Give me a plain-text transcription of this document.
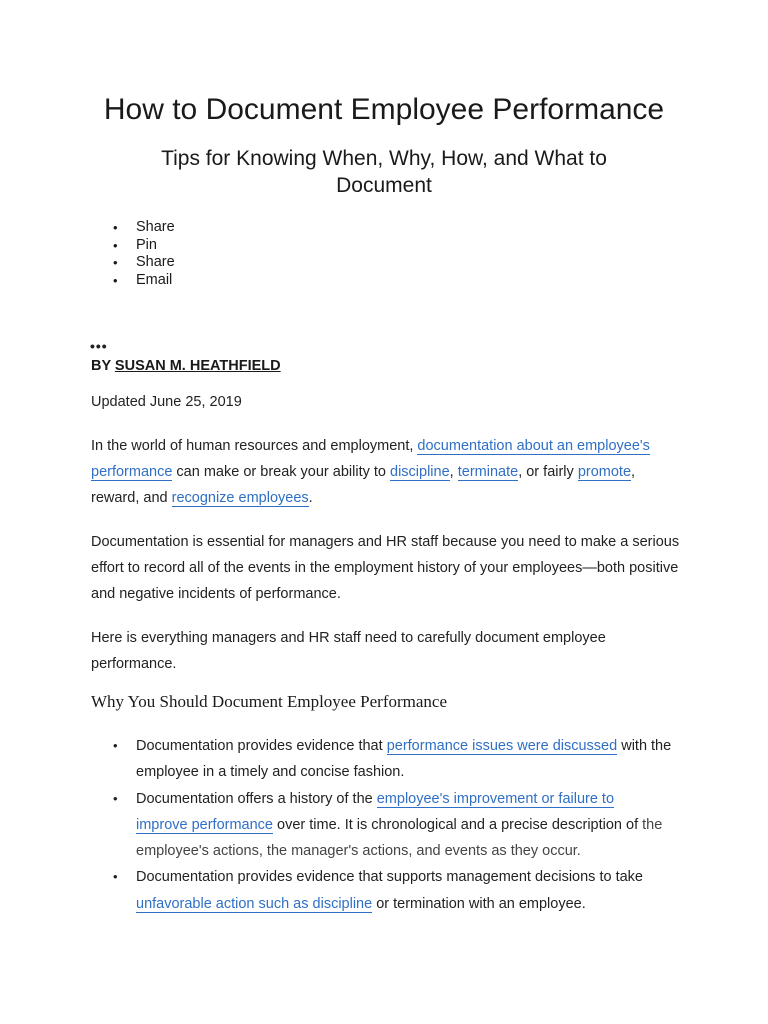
How to Document Employee Performance
Tips for Knowing When, Why, How, and What to Document
• Share
• Pin
• Share
• Email
•••
BY SUSAN M. HEATHFIELD
Updated June 25, 2019

In the world of human resources and employment, documentation about an employee's
performance can make or break your ability to discipline, terminate, or fairly promote, reward, and recognize employees.

Documentation is essential for managers and HR staff because you need to make a serious effort to record all of the events in the employment history of your employees—both positive and negative incidents of performance.

Here is everything managers and HR staff need to carefully document employee performance.

Why You Should Document Employee Performance
• Documentation provides evidence that performance issues were discussed with the employee in a timely and concise fashion.
• Documentation offers a history of the employee's improvement or failure to
improve performance over time. It is chronological and a precise description of the employee's actions, the manager's actions, and events as they occur.
• Documentation provides evidence that supports management decisions to take unfavorable action such as discipline or termination with an employee.
